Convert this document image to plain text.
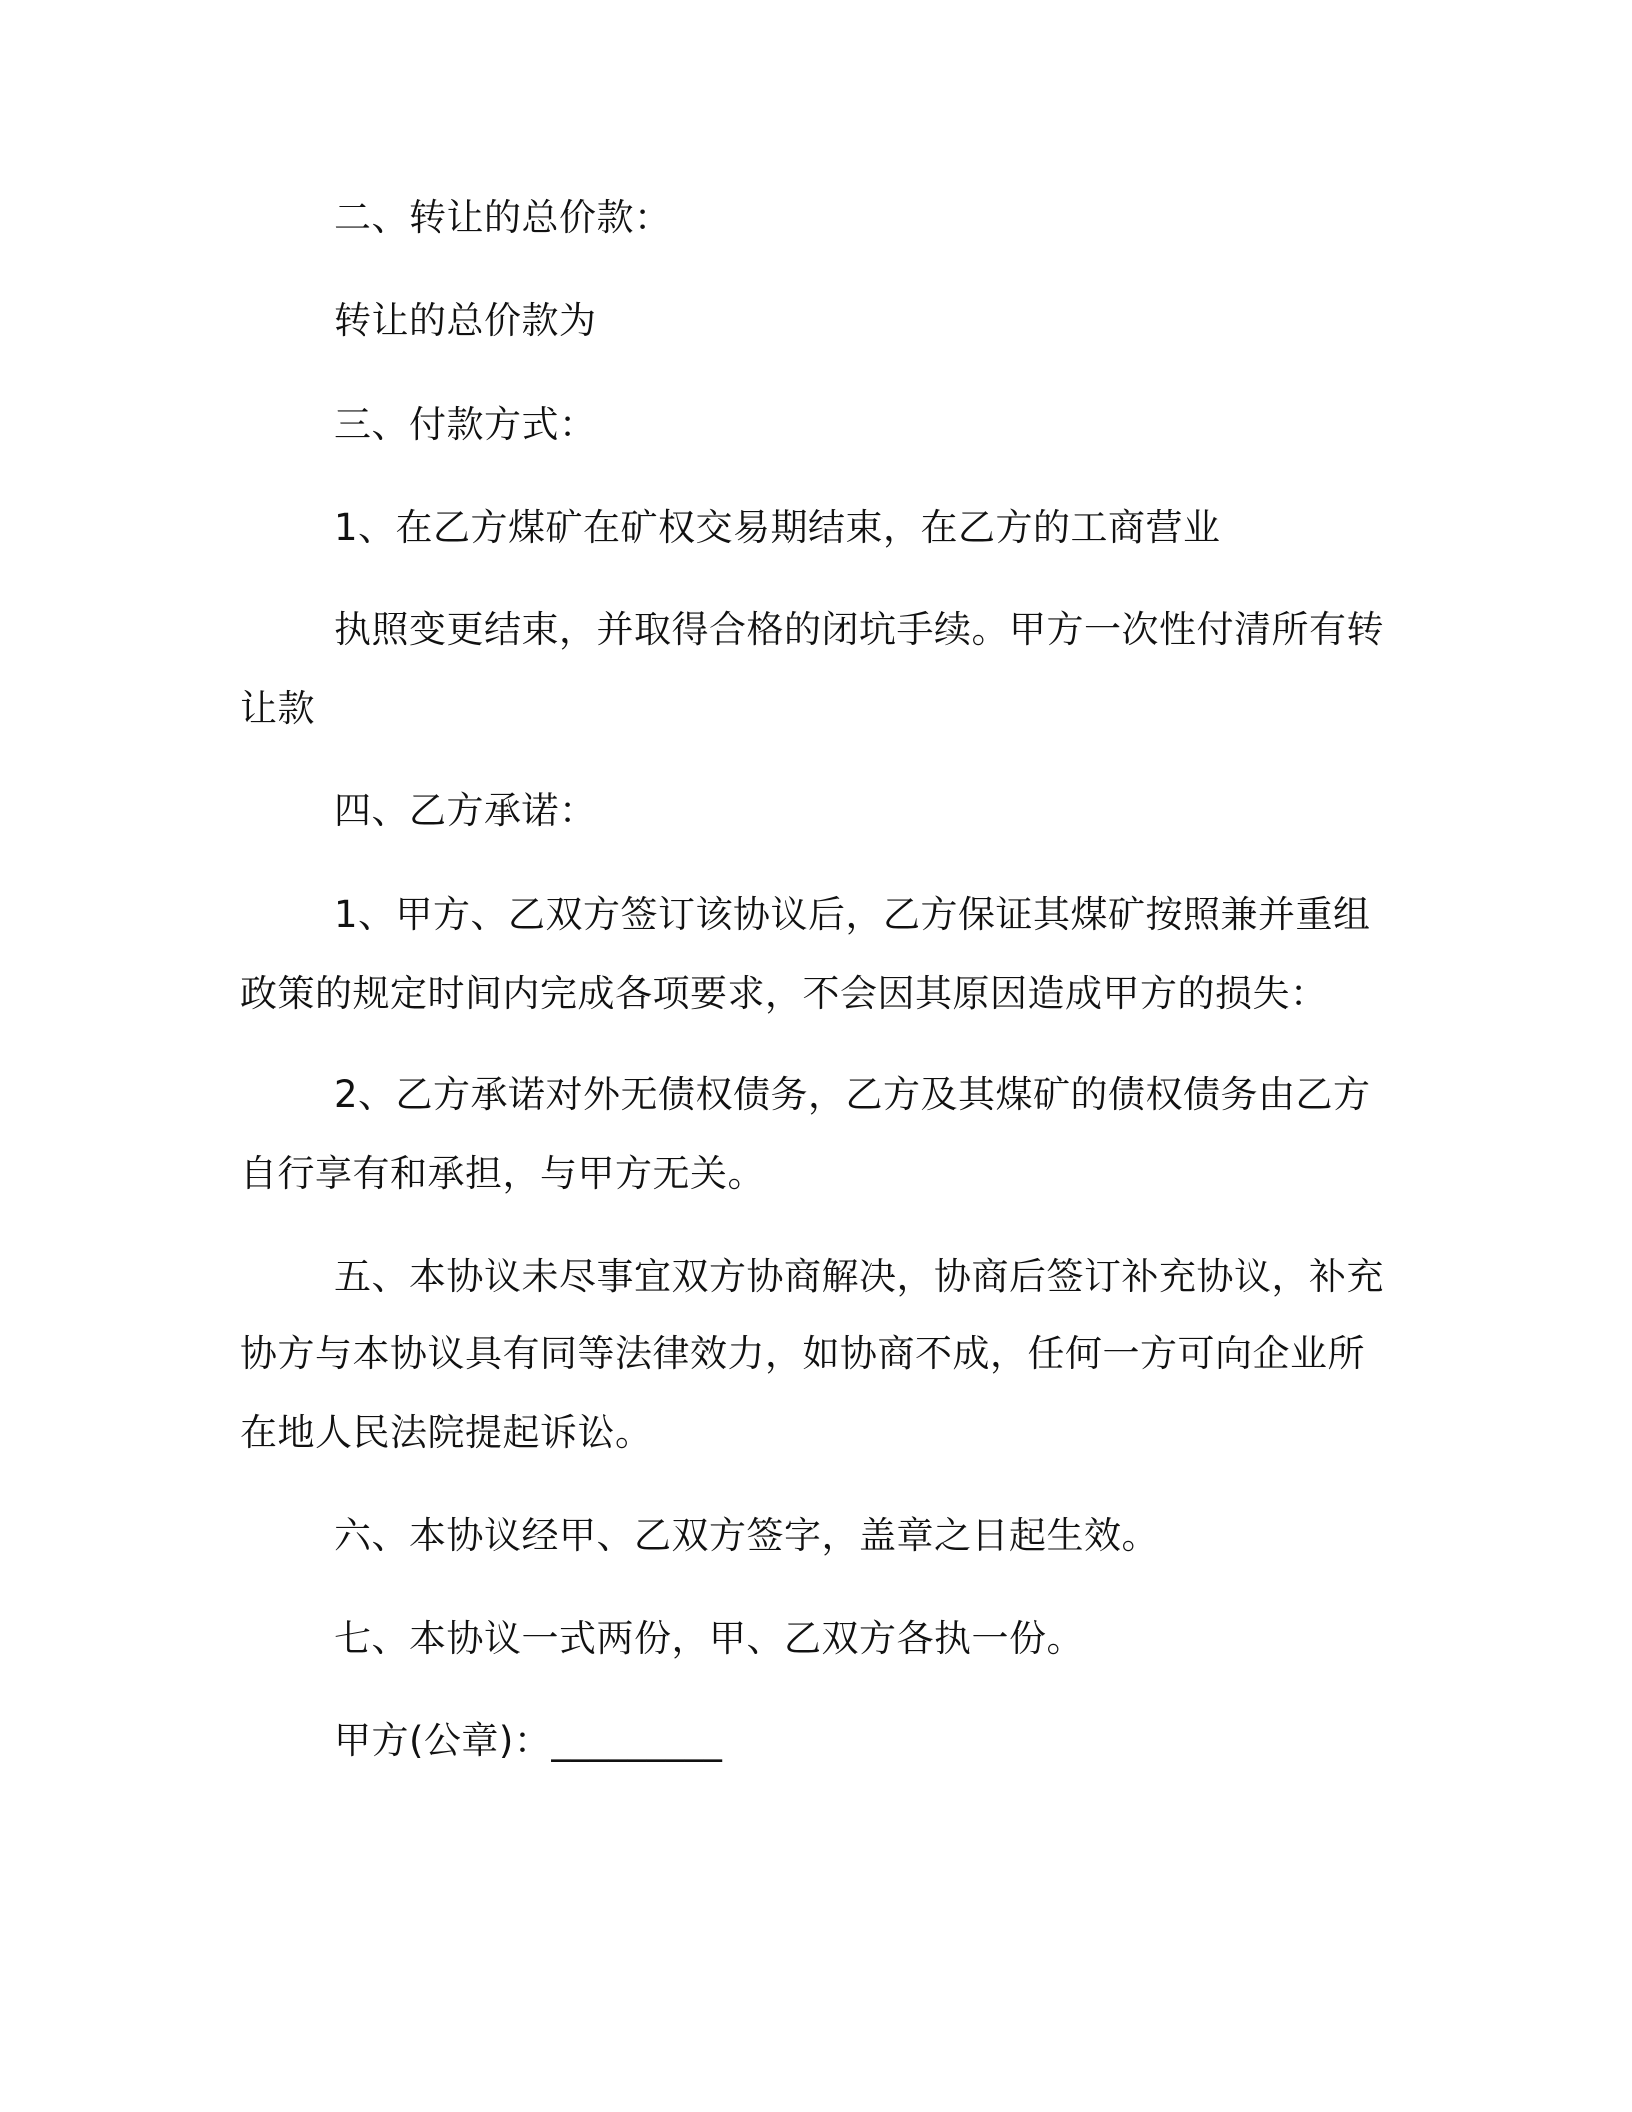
二、转让的总价款：
转让的总价款为
三、付款方式：
1、在乙方煤矿在矿权交易期结束，在乙方的工商营业
执照变更结束，并取得合格的闭坑手续。甲方一次性付清所有转
让款
四、乙方承诺：
1、甲方、乙双方签订该协议后，乙方保证其煤矿按照兼并重组
政策的规定时间内完成各项要求，不会因其原因造成甲方的损失：
2、乙方承诺对外无债权债务，乙方及其煤矿的债权债务由乙方
自行享有和承担，与甲方无关。
五、本协议未尽事宜双方协商解决，协商后签订补充协议，补充
协方与本协议具有同等法律效力，如协商不成，任何一方可向企业所
在地人民法院提起诉讼。
六、本协议经甲、乙双方签字，盖章之日起生效。
七、本协议一式两份，甲、乙双方各执一份。
甲方(公章)：_________
